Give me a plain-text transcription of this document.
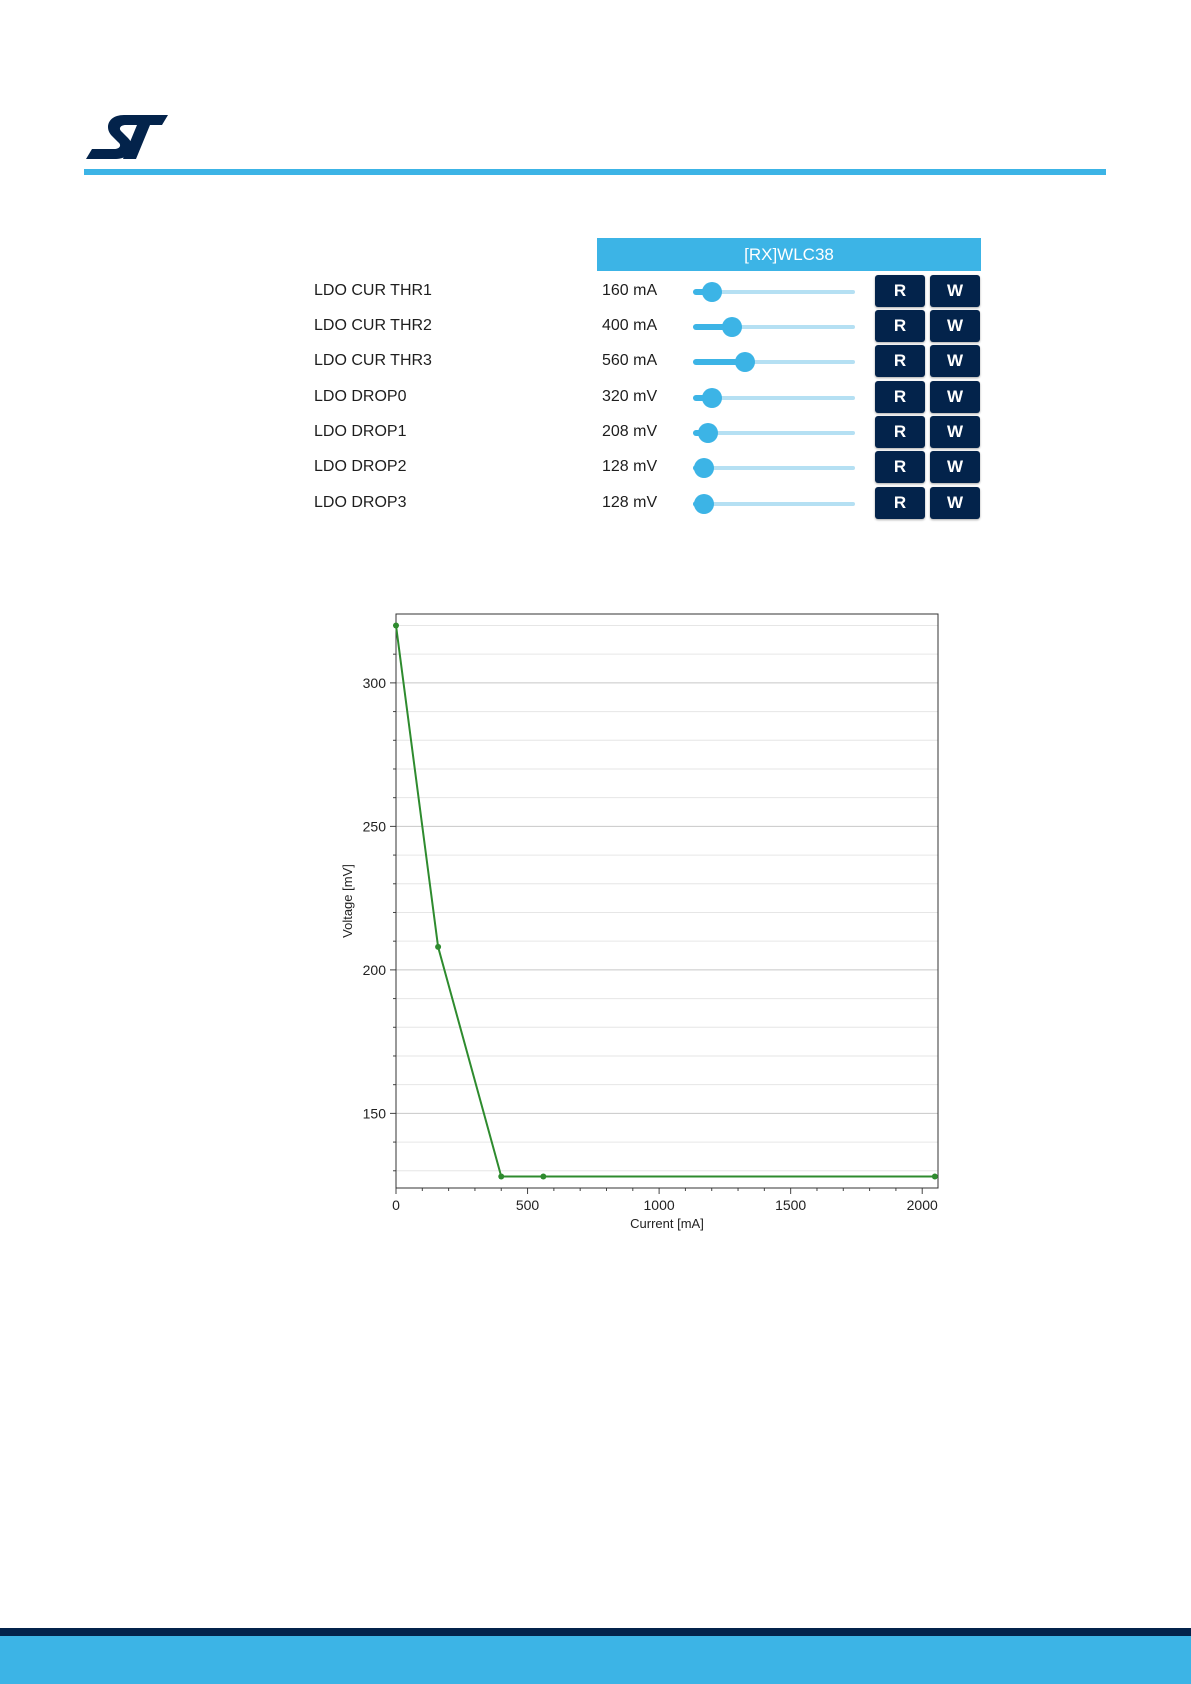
[RX]WLC38
LDO CUR THR1	160 mA	R	W
LDO CUR THR2	400 mA	R	W
LDO CUR THR3	560 mA	R	W
LDO DROP0	320 mV	R	W
LDO DROP1	208 mV	R	W
LDO DROP2	128 mV	R	W
LDO DROP3	128 mV	R	W
150
200
250
300
0	500	1000	1500	2000
Current [mA]
Voltage [mV]
